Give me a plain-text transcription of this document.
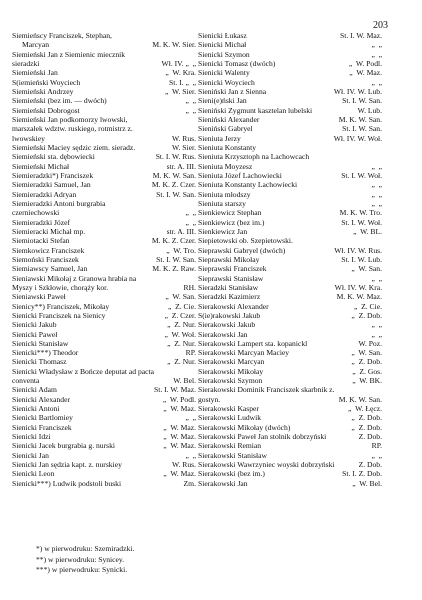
203
Siemieńscy Franciszek, Stephan,
Marcyan	M. K. W. Sier.
Siemieński Jan z Siemienic miecznik sieradzki	Wł. IV. „  „
Siemieński Jan	„  W. Kra.
S(iemieński Woyciech	St. I. „  „
Siemieński Andrzey	„  W. Sier.
Siemieński (bez im. — dwóch)	„  „
Siemieński Dobrogost	„  „
Siemieński Jan podkomorzy lwowski, marszałek wdztw. ruskiego, rotmistrz z. lwowskiey	W. Rus.
Siemieński Maciey sędzic ziem. sieradz.	W. Sier.
Siemieński sta. dębowiecki	St. I. W. Rus.
Siemieński Michał	str. A. III.
Siemieradzki*) Franciszek	M. K. W. San.
Siemieradzki Samuel, Jan	M. K. Z. Czer.
Siemieradzki Adryan	St. I. W. San.
Siemieradzki Antoni burgrabia czerniechowski	„  „
Siemieradzki Józef	„  „
Siemieracki Michał mp.	str. A. III.
Siemiotacki Stefan	M. K. Z. Czer.
Siemkowicz Franciszek	„  W. Tro.
Siemoński Franciszek	St. I. W. San.
Siemiawscy Samuel, Jan	M. K. Z. Raw.
Sieniawski Mikołaj z Granowa hrabia na Myszy i Szkłowie, chorąży kor.	RH.
Sieniawski Paweł	„  W. San.
Sienicy**) Franciszek, Mikołay	„  Z. Cie.
Sienicki Franciszek na Sienicy	„  Z. Czer.
Sienicki Jakub	„  Z. Nur.
Sienicki Paweł	„  W. Woł.
Sienicki Stanisław	„  Z. Nur.
Sienicki***) Theodor	RP.
Sienicki Thomasz	„  Z. Nur.
Sienicki Władysław z Bończe deputat ad pacta conventa	W. Bel.
Sienicki Adam	St. I. W. Maz.
Sienicki Alexander	„  W. Podl.
Sienicki Antoni	„  W. Maz.
Sienicki Bartlomiey	„  „
Sienicki Franciszek	„  W. Maz.
Sienicki Idzi	„  W. Maz.
Sienicki Jacek burgrabia g. nurski	„  W. Maz.
Sienicki Jan	„  „
Sienicki Jan sędzia kapt. z. nurskiey	W. Rus.
Sienicki Leon	„  W. Maz.
Sienicki***) Ludwik podstoli buski	Zm.
Sienicki Łukasz	St. I. W. Maz.
Sienicki Michał	„  „
Sienicki Szymon	„  „
Sienicki Tomasz (dwóch)	„  W. Podl.
Sienicki Walenty	„  W. Maz.
Sienicki Woyciech	„  „
Sieniński Jan z Sienna	Wł. IV. W. Lub.
Sieni(e)ński Jan	St. I. W. San.
Sieniński Zygmunt kasztelan lubelski	W. Lub.
Sieniński Alexander	M. K. W. San.
Sieniński Gabryel	St. I. W. San.
Sieniuta Jerzy	Wł. IV. W. Woł.
Sieniuta Konstanty
Sieniuta Krzysztoph na Lachowcach
Sieniuta Moyzesz	„  „
Sieniuta Józef Lachowiecki	St. I. W. Woł.
Sieniuta Konstanty Lachowiecki	„  „
Sieniuta młodszy	„  „
Sieniuta starszy	„  „
Sienkiewicz Stephan	M. K. W. Tro.
Sienkiewicz (bez im.)	St. I. W. Woł.
Sienkiewicz Jan	„  W. BL.
Siepietowski ob. Szepietowski.
Sieprawski Gabryel (dwóch)	Wł. IV. W. Rus.
Sieprawski Mikołay	St. I. W. Lub.
Sieprawski Franciszek	„  W. San.
Sieprawski Stanisław	„  „
Sieradzki Stanisław	Wł. IV. W. Kra.
Sieradzki Kazimierz	M. K. W. Maz.
Sierakowski Alexander	„  Z. Cie.
S(ie)rakowski Jakub	„  Z. Dob.
Sierakowski Jakub	„  „
Sierakowski Jan	„  „
Sierakowski Lampert sta. kopanickl	W. Poz.
Sierakowski Marcyan Maciey	„  W. San.
Sierakowski Marcyan	„  Z. Dob.
Sierakowski Mikołay	„  Z. Gos.
Sierakowski Szymon	„  W. BK.
Sierakowski Dominik Franciszek skarbnik z. gostyn.	M. K. W. San.
Sierakowski Kasper	„  W. Łęcz.
Sierakowski Ludwik	„  Z. Dob.
Sierakowski Mikołay (dwóch)	„  Z. Dob.
Sierakowski Paweł Jan stolnik dobrzyński	Z. Dob.
Sierakowski Remian	RP.
Sierakowski Stanisław	„  „
Sierakowski Wawrzyniec woyski dobrzyński	Z. Dob.
Sierakowski (bez im.)	St. I. Z. Dob.
Sierakowski Jan	„  W. Bel.
*) w pierwodruku: Szemiradzki.
**) w pierwodruku: Synicey.
***) w pierwodruku: Synicki.
